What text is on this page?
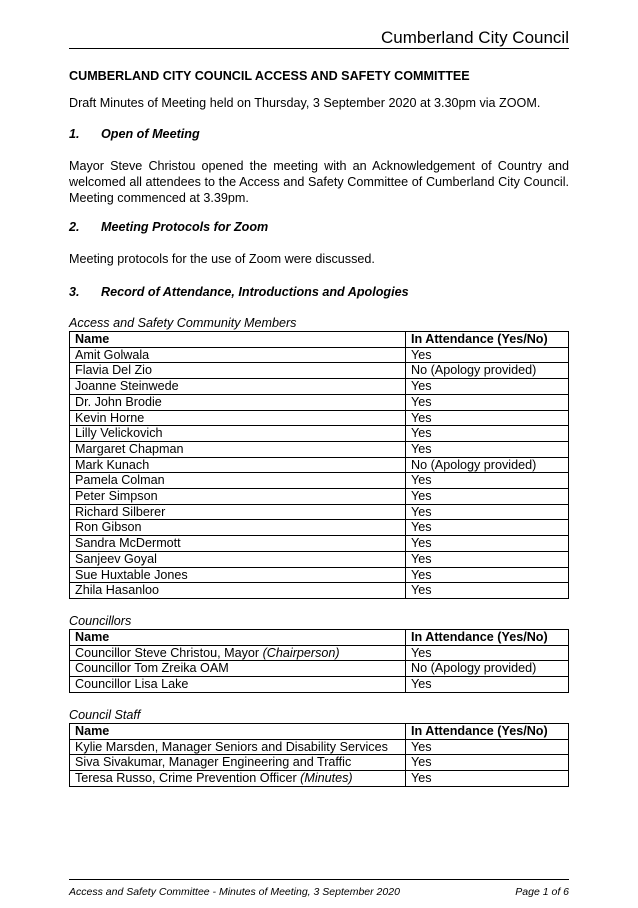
Cumberland City Council
CUMBERLAND CITY COUNCIL ACCESS AND SAFETY COMMITTEE
Draft Minutes of Meeting held on Thursday, 3 September 2020 at 3.30pm via ZOOM.
1. Open of Meeting
Mayor Steve Christou opened the meeting with an Acknowledgement of Country and welcomed all attendees to the Access and Safety Committee of Cumberland City Council. Meeting commenced at 3.39pm.
2. Meeting Protocols for Zoom
Meeting protocols for the use of Zoom were discussed.
3. Record of Attendance, Introductions and Apologies
Access and Safety Community Members
Name	In Attendance (Yes/No)
Amit Golwala	Yes
Flavia Del Zio	No (Apology provided)
Joanne Steinwede	Yes
Dr. John Brodie	Yes
Kevin Horne	Yes
Lilly Velickovich	Yes
Margaret Chapman	Yes
Mark Kunach	No (Apology provided)
Pamela Colman	Yes
Peter Simpson	Yes
Richard Silberer	Yes
Ron Gibson	Yes
Sandra McDermott	Yes
Sanjeev Goyal	Yes
Sue Huxtable Jones	Yes
Zhila Hasanloo	Yes
Councillors
Name	In Attendance (Yes/No)
Councillor Steve Christou, Mayor (Chairperson)	Yes
Councillor Tom Zreika OAM	No (Apology provided)
Councillor Lisa Lake	Yes
Council Staff
Name	In Attendance (Yes/No)
Kylie Marsden, Manager Seniors and Disability Services	Yes
Siva Sivakumar, Manager Engineering and Traffic	Yes
Teresa Russo, Crime Prevention Officer (Minutes)	Yes
Access and Safety Committee - Minutes of Meeting, 3 September 2020	Page 1 of 6
